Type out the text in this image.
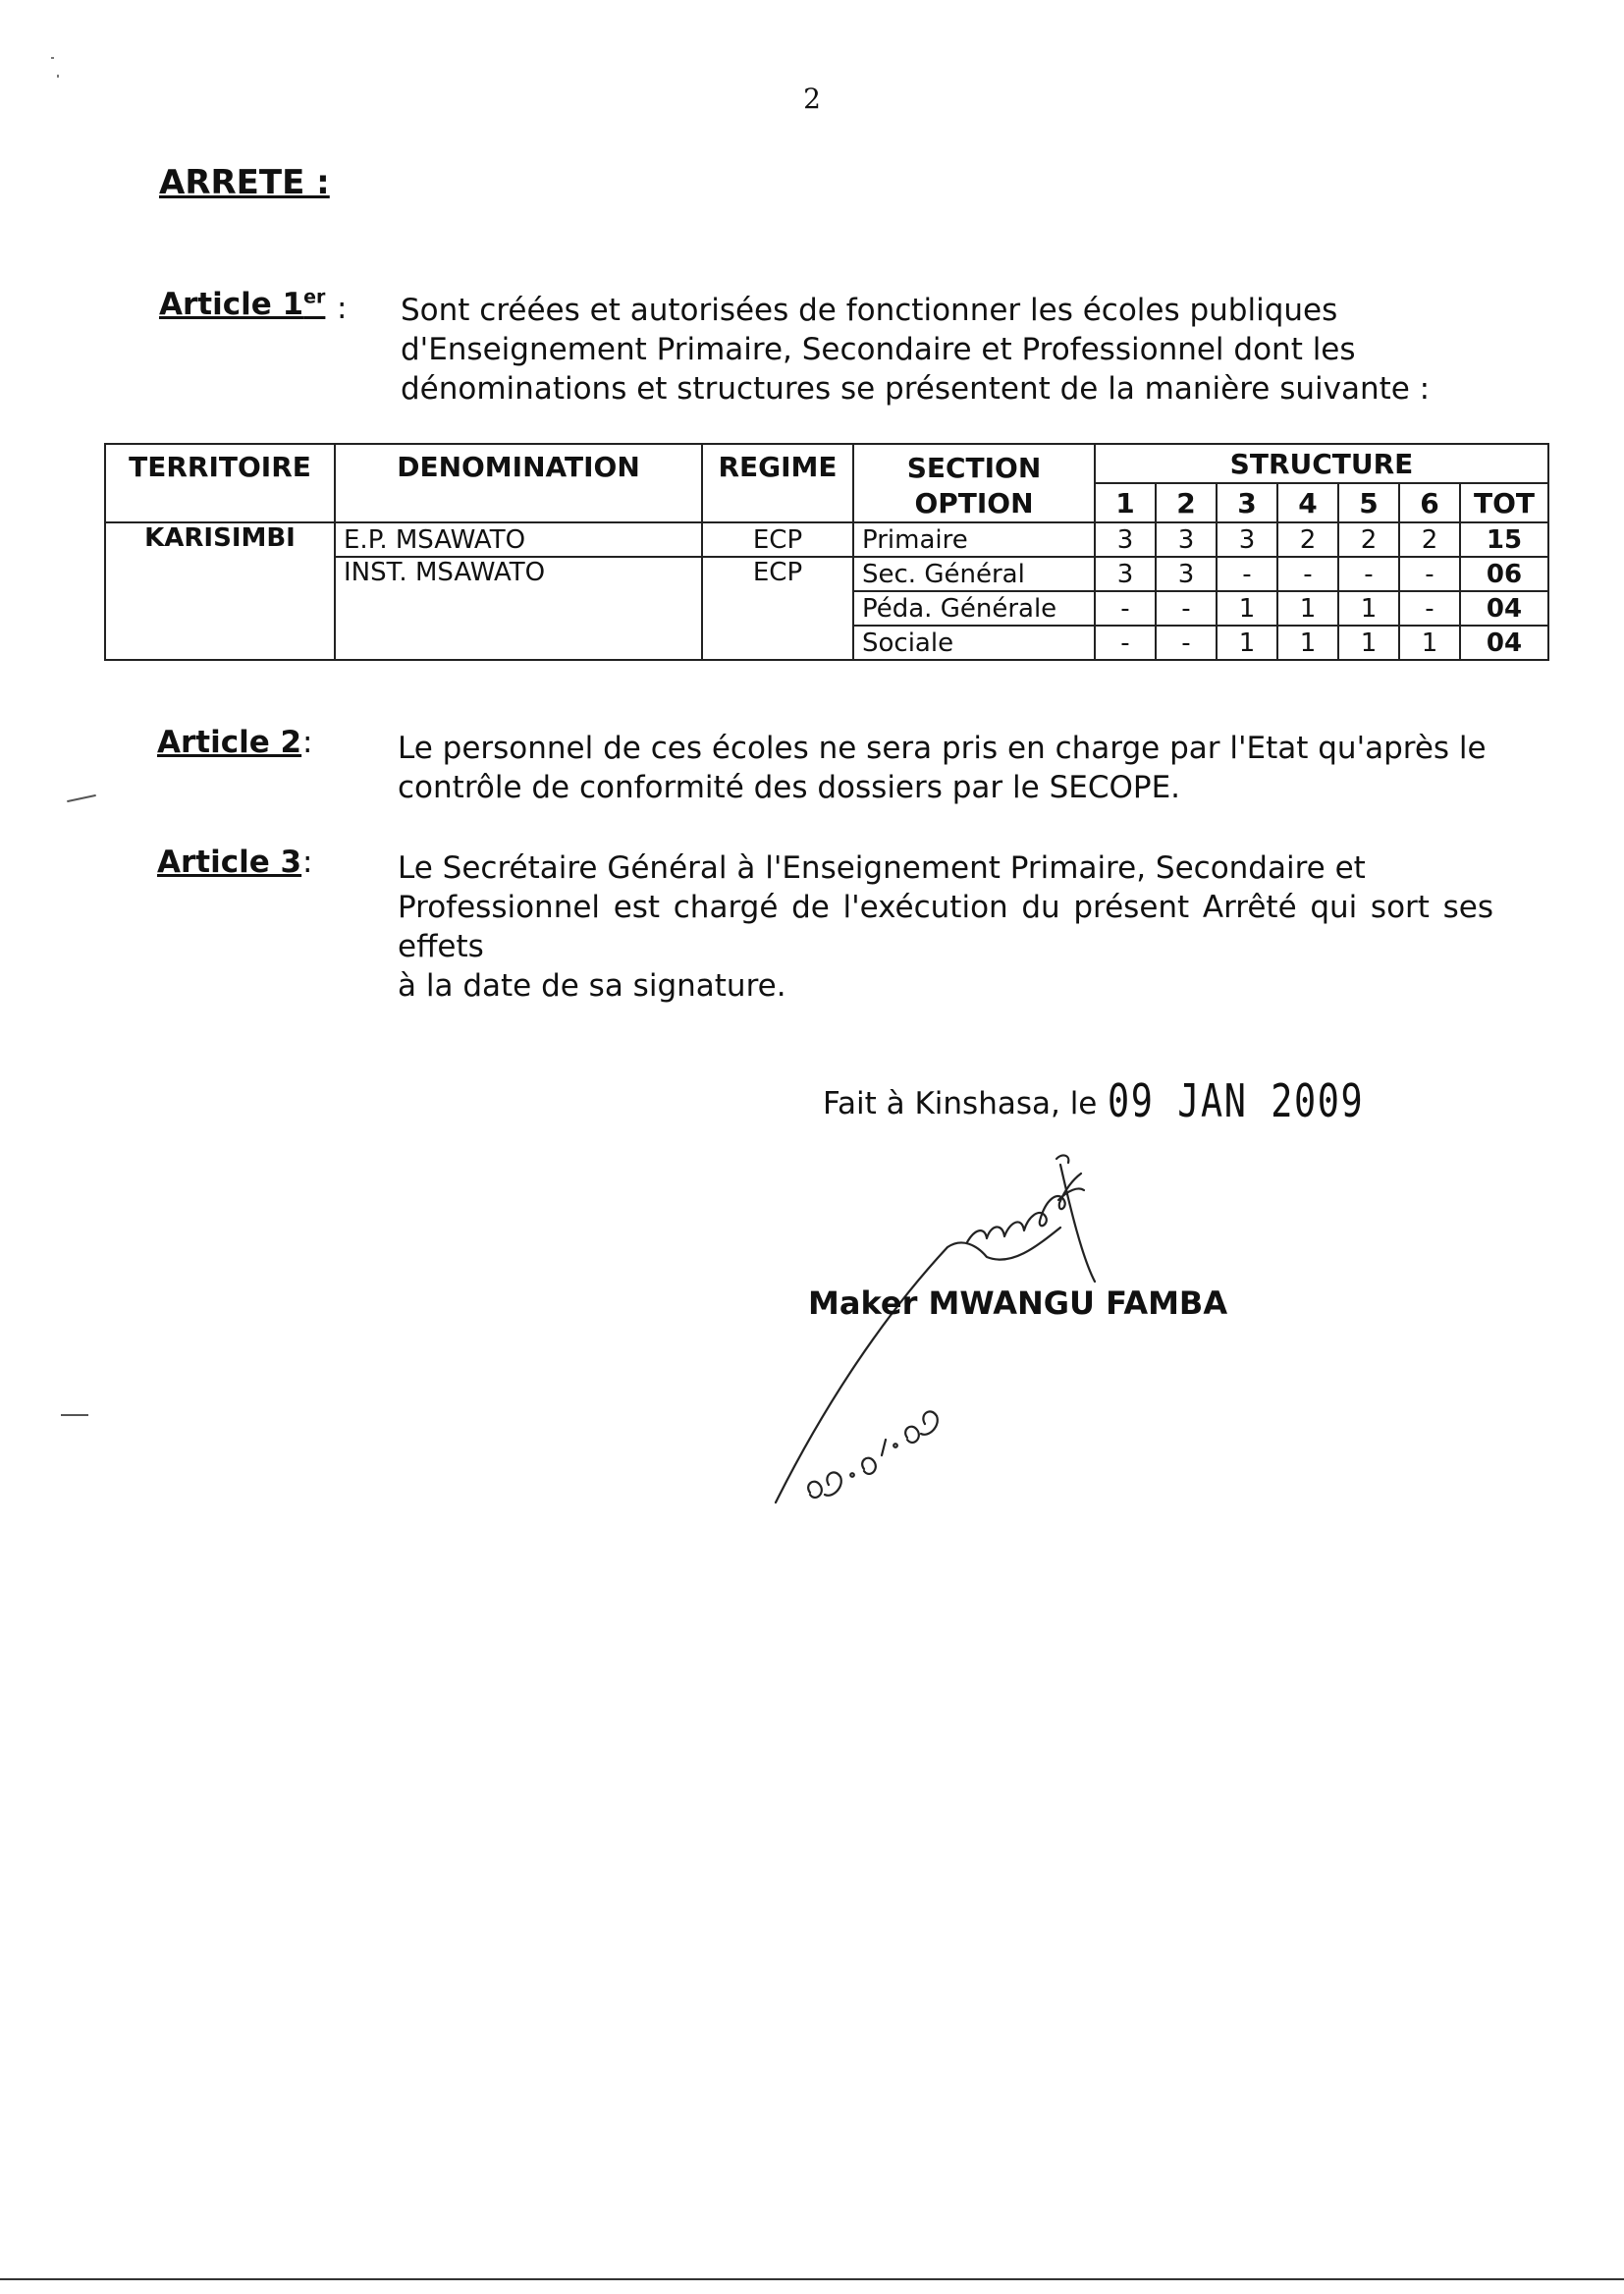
2
ARRETE :
Article 1er : Sont créées et autorisées de fonctionner les écoles publiques
d'Enseignement Primaire, Secondaire et Professionnel dont les
dénominations et structures se présentent de la manière suivante :
TERRITOIRE	DENOMINATION	REGIME	SECTION
OPTION	STRUCTURE						
				1	2	3	4	5	6	TOT
KARISIMBI	E.P. MSAWATO	ECP	Primaire	3	3	3	2	2	2	15
	INST. MSAWATO	ECP	Sec. Général	3	3	-	-	-	-	06
			Péda. Générale	-	-	1	1	1	-	04
			Sociale	-	-	1	1	1	1	04
Article 2 :	Le personnel de ces écoles ne sera pris en charge par l'Etat qu'après le
contrôle de conformité des dossiers par le SECOPE.
Article 3 :	Le Secrétaire Général à l'Enseignement Primaire, Secondaire et
Professionnel est chargé de l'exécution du présent Arrêté qui sort ses effets
à la date de sa signature.
Fait à Kinshasa, le 09 JAN 2009
Maker MWANGU FAMBA
